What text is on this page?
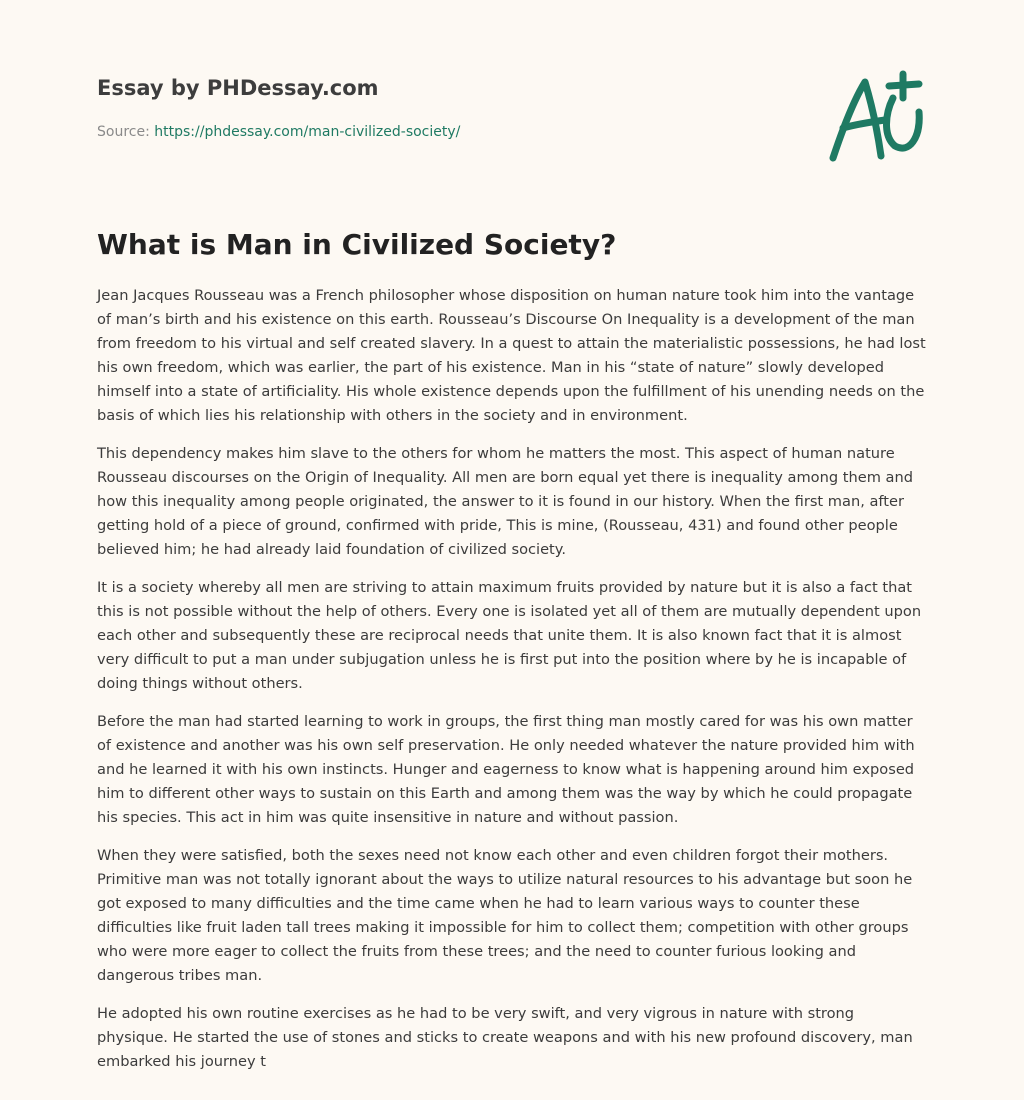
Essay by PHDessay.com
Source: https://phdessay.com/man-civilized-society/
What is Man in Civilized Society?

Jean Jacques Rousseau was a French philosopher whose disposition on human nature took him into the vantage of man’s birth and his existence on this earth. Rousseau’s Discourse On Inequality is a development of the man from freedom to his virtual and self created slavery. In a quest to attain the materialistic possessions, he had lost his own freedom, which was earlier, the part of his existence. Man in his “state of nature” slowly developed himself into a state of artificiality. His whole existence depends upon the fulfillment of his unending needs on the basis of which lies his relationship with others in the society and in environment.

This dependency makes him slave to the others for whom he matters the most. This aspect of human nature Rousseau discourses on the Origin of Inequality. All men are born equal yet there is inequality among them and how this inequality among people originated, the answer to it is found in our history. When the first man, after getting hold of a piece of ground, confirmed with pride, This is mine, (Rousseau, 431) and found other people believed him; he had already laid foundation of civilized society.

It is a society whereby all men are striving to attain maximum fruits provided by nature but it is also a fact that this is not possible without the help of others. Every one is isolated yet all of them are mutually dependent upon each other and subsequently these are reciprocal needs that unite them. It is also known fact that it is almost very difficult to put a man under subjugation unless he is first put into the position where by he is incapable of doing things without others.

Before the man had started learning to work in groups, the first thing man mostly cared for was his own matter of existence and another was his own self preservation. He only needed whatever the nature provided him with and he learned it with his own instincts. Hunger and eagerness to know what is happening around him exposed him to different other ways to sustain on this Earth and among them was the way by which he could propagate his species. This act in him was quite insensitive in nature and without passion.

When they were satisfied, both the sexes need not know each other and even children forgot their mothers. Primitive man was not totally ignorant about the ways to utilize natural resources to his advantage but soon he got exposed to many difficulties and the time came when he had to learn various ways to counter these difficulties like fruit laden tall trees making it impossible for him to collect them; competition with other groups who were more eager to collect the fruits from these trees; and the need to counter furious looking and dangerous tribes man.

He adopted his own routine exercises as he had to be very swift, and very vigrous in nature with strong physique. He started the use of stones and sticks to create weapons and with his new profound discovery, man embarked his journey t
